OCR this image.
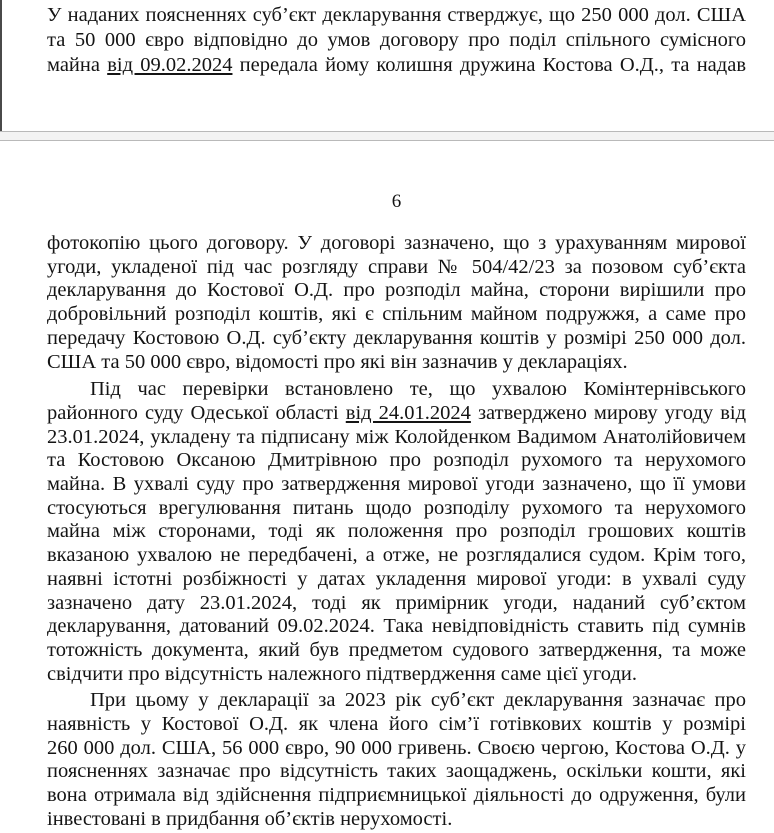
У наданих поясненнях суб’єкт декларування стверджує, що 250 000 дол. США та 50 000 євро відповідно до умов договору про поділ спільного сумісного майна від 09.02.2024 передала йому колишня дружина Костова О.Д., та надав

6

фотокопію цього договору. У договорі зазначено, що з урахуванням мирової угоди, укладеної під час розгляду справи № 504/42/23 за позовом суб’єкта декларування до Костової О.Д. про розподіл майна, сторони вирішили про добровільний розподіл коштів, які є спільним майном подружжя, а саме про передачу Костовою О.Д. суб’єкту декларування коштів у розмірі 250 000 дол. США та 50 000 євро, відомості про які він зазначив у деклараціях.

Під час перевірки встановлено те, що ухвалою Комінтернівського районного суду Одеської області від 24.01.2024 затверджено мирову угоду від 23.01.2024, укладену та підписану між Колойденком Вадимом Анатолійовичем та Костовою Оксаною Дмитрівною про розподіл рухомого та нерухомого майна. В ухвалі суду про затвердження мирової угоди зазначено, що її умови стосуються врегулювання питань щодо розподілу рухомого та нерухомого майна між сторонами, тоді як положення про розподіл грошових коштів вказаною ухвалою не передбачені, а отже, не розглядалися судом. Крім того, наявні істотні розбіжності у датах укладення мирової угоди: в ухвалі суду зазначено дату 23.01.2024, тоді як примірник угоди, наданий суб’єктом декларування, датований 09.02.2024. Така невідповідність ставить під сумнів тотожність документа, який був предметом судового затвердження, та може свідчити про відсутність належного підтвердження саме цієї угоди.

При цьому у декларації за 2023 рік суб’єкт декларування зазначає про наявність у Костової О.Д. як члена його сім’ї готівкових коштів у розмірі 260 000 дол. США, 56 000 євро, 90 000 гривень. Своєю чергою, Костова О.Д. у поясненнях зазначає про відсутність таких заощаджень, оскільки кошти, які вона отримала від здійснення підприємницької діяльності до одруження, були інвестовані в придбання об’єктів нерухомості.
